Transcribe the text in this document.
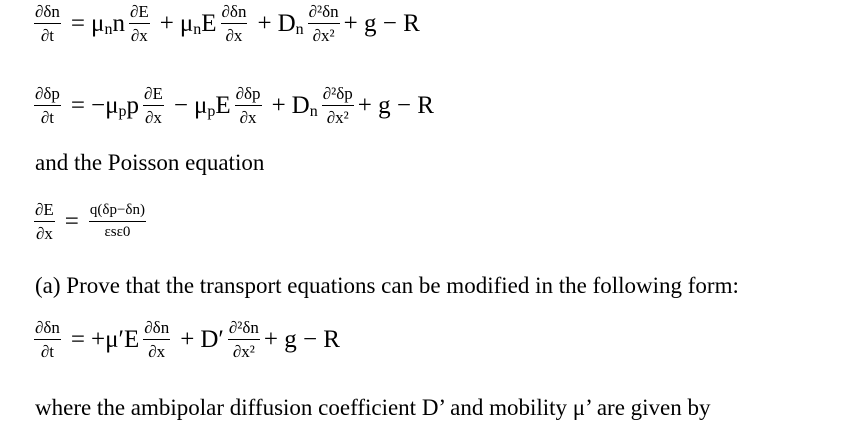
$\frac{\partial\delta n}{\partial t} = \mu$ n n $\frac{\partial E}{\partial x} + \mu$ n E $\frac{\partial\delta n}{\partial x} + D$ n $\frac{\text{∂²δn}}{\text{∂x²}} + g - R$
$\frac{\partial\delta p}{\partial t} = -\mu$ p p $\frac{\partial E}{\partial x} - \mu$ p E $\frac{\partial\delta p}{\partial x} + D$ n $\frac{\text{∂²δp}}{\text{∂x²}} + g - R$
and the Poisson equation
$\frac{\partial E}{\partial x} = \frac{q(\delta p-\delta n)}{\text{εsε0}}$
(a) Prove that the transport equations can be modified in the following form:
$\frac{\partial\delta n}{\partial t} = +\mu'E \frac{\partial\delta n}{\partial x} + D' \frac{\text{∂²δn}}{\text{∂x²}} + g - R$
where the ambipolar diffusion coefficient D’ and mobility μ’ are given by
